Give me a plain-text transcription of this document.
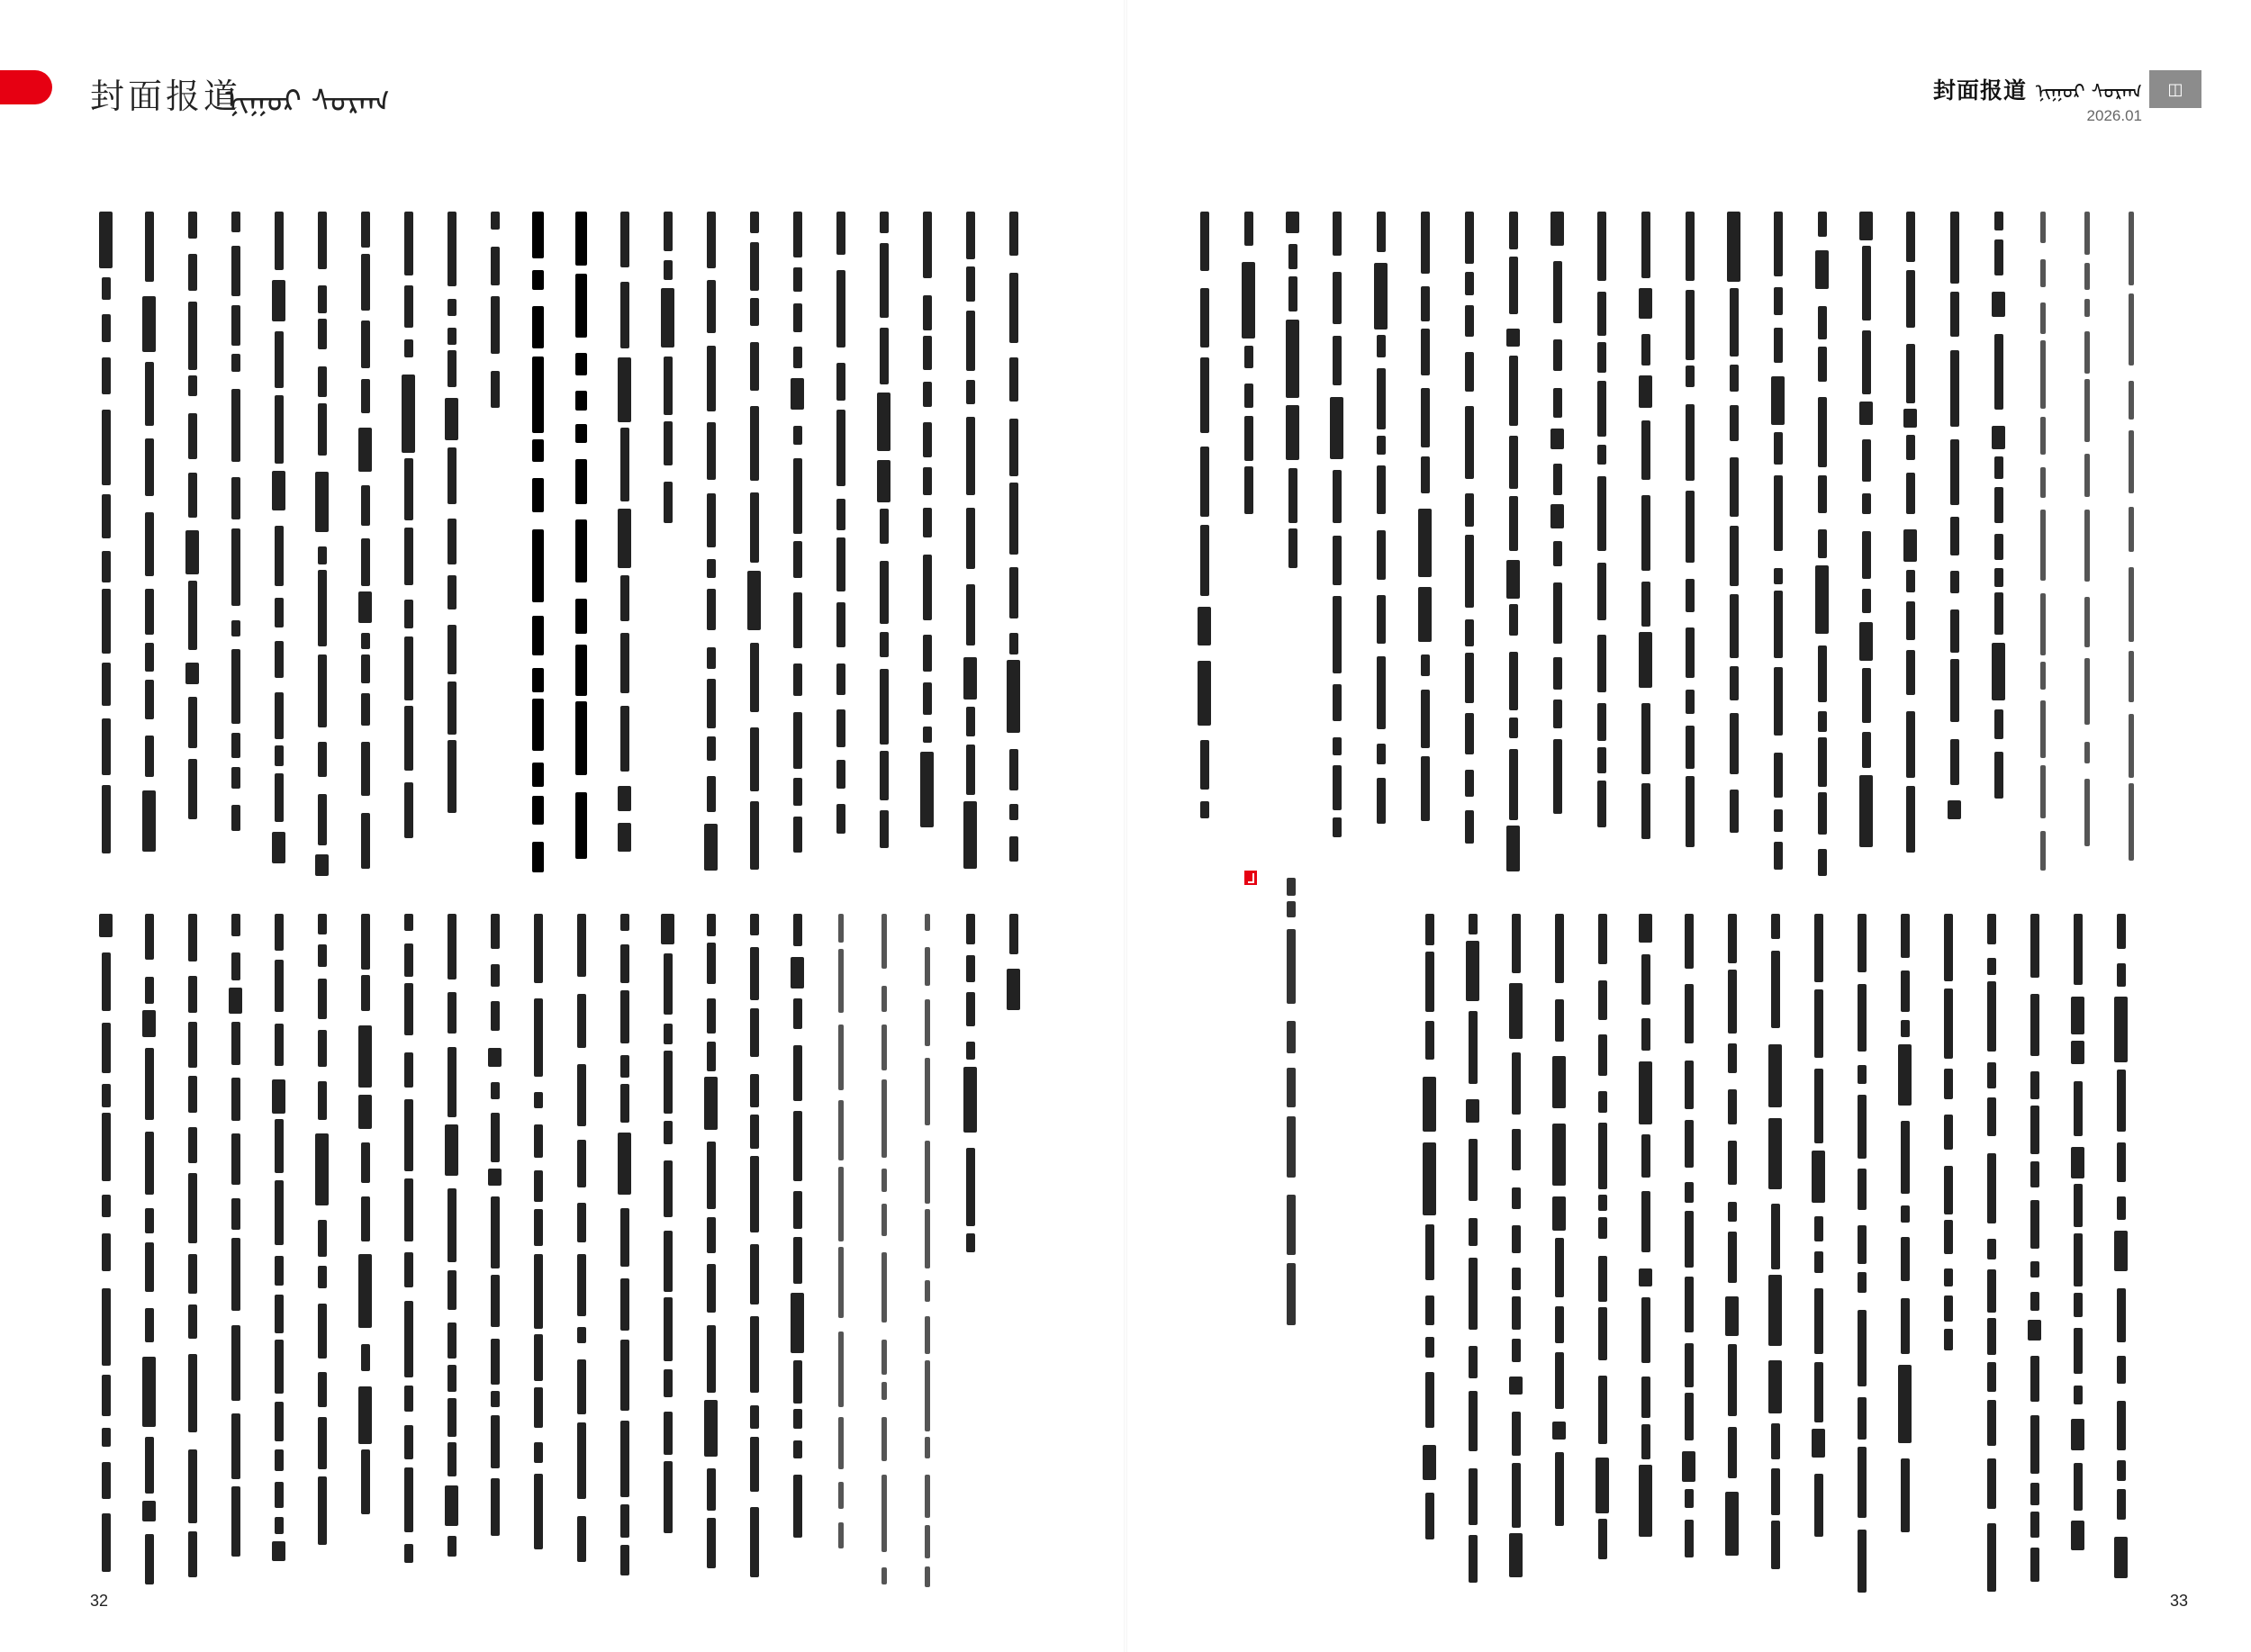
封面报道
ᠨᠢᠭᠤᠷ ᠰᠤᠷᠠᠭ
32
封面报道 ᠨᠢᠭᠤᠷ ᠰᠤᠷᠠᠭ
2026.01
◫
33
